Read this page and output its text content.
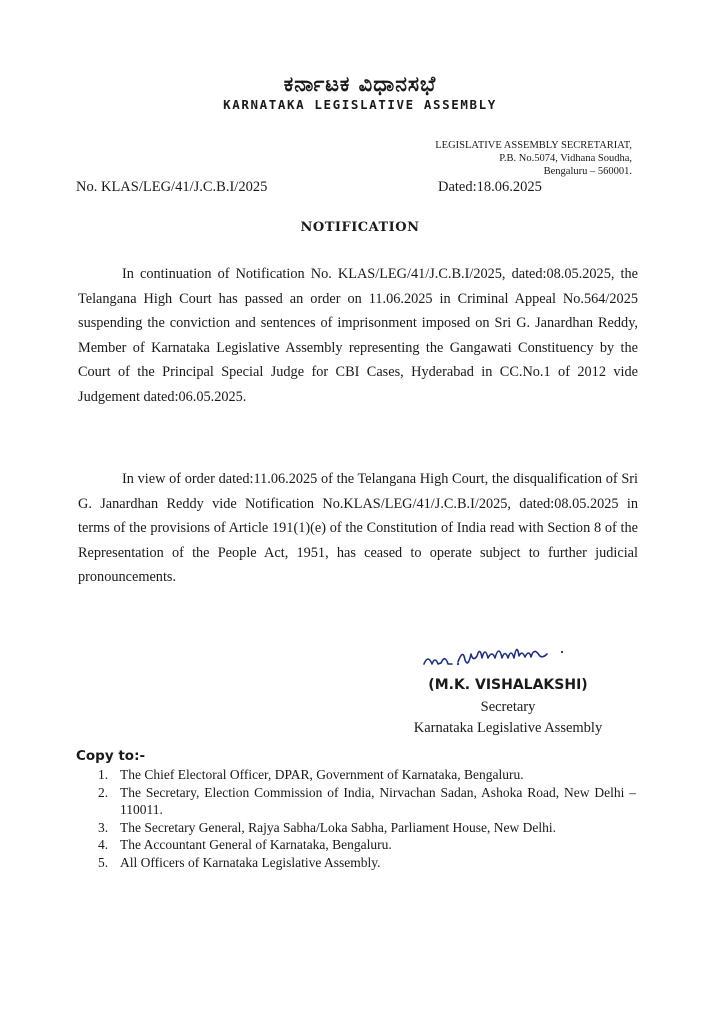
ಕರ್ನಾಟಕ ವಿಧಾನಸಭೆ
KARNATAKA LEGISLATIVE ASSEMBLY
LEGISLATIVE ASSEMBLY SECRETARIAT,
P.B. No.5074, Vidhana Soudha,
Bengaluru – 560001.
No. KLAS/LEG/41/J.C.B.I/2025	Dated:18.06.2025
NOTIFICATION

In continuation of Notification No. KLAS/LEG/41/J.C.B.I/2025, dated:08.05.2025, the Telangana High Court has passed an order on 11.06.2025 in Criminal Appeal No.564/2025 suspending the conviction and sentences of imprisonment imposed on Sri G. Janardhan Reddy, Member of Karnataka Legislative Assembly representing the Gangawati Constituency by the Court of the Principal Special Judge for CBI Cases, Hyderabad in CC.No.1 of 2012 vide Judgement dated:06.05.2025.

In view of order dated:11.06.2025 of the Telangana High Court, the disqualification of Sri G. Janardhan Reddy vide Notification No.KLAS/LEG/41/J.C.B.I/2025, dated:08.05.2025 in terms of the provisions of Article 191(1)(e) of the Constitution of India read with Section 8 of the Representation of the People Act, 1951, has ceased to operate subject to further judicial pronouncements.

(M.K. VISHALAKSHI)
Secretary
Karnataka Legislative Assembly
Copy to:-
1. The Chief Electoral Officer, DPAR, Government of Karnataka, Bengaluru.
2. The Secretary, Election Commission of India, Nirvachan Sadan, Ashoka Road, New Delhi – 110011.
3. The Secretary General, Rajya Sabha/Loka Sabha, Parliament House, New Delhi.
4. The Accountant General of Karnataka, Bengaluru.
5. All Officers of Karnataka Legislative Assembly.
